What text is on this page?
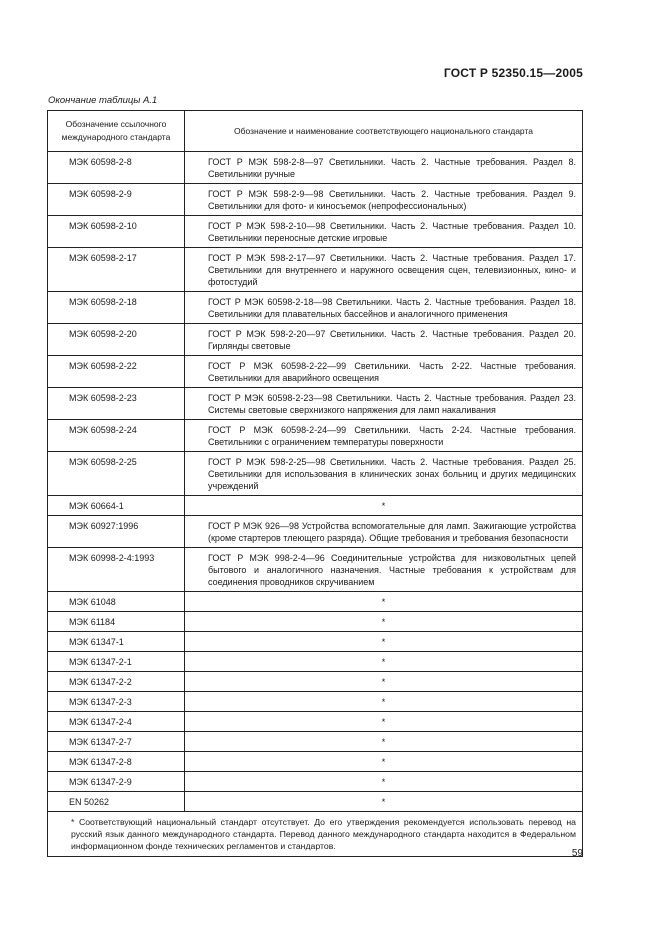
ГОСТ Р 52350.15—2005
Окончание таблицы А.1
Обозначение ссылочного международного стандарта	Обозначение и наименование соответствующего национального стандарта
МЭК 60598-2-8	ГОСТ Р МЭК 598-2-8—97 Светильники. Часть 2. Частные требования. Раздел 8. Светильники ручные

МЭК 60598-2-9	ГОСТ Р МЭК 598-2-9—98 Светильники. Часть 2. Частные требования. Раздел 9. Светильники для фото- и киносъемок (непрофессиональных)

МЭК 60598-2-10	ГОСТ Р МЭК 598-2-10—98 Светильники. Часть 2. Частные требования. Раздел 10. Светильники переносные детские игровые

МЭК 60598-2-17	ГОСТ Р МЭК 598-2-17—97 Светильники. Часть 2. Частные требования. Раздел 17. Светильники для внутреннего и наружного освещения сцен, телевизионных, кино- и фотостудий

МЭК 60598-2-18	ГОСТ Р МЭК 60598-2-18—98 Светильники. Часть 2. Частные требования. Раздел 18. Светильники для плавательных бассейнов и аналогичного применения

МЭК 60598-2-20	ГОСТ Р МЭК 598-2-20—97 Светильники. Часть 2. Частные требования. Раздел 20. Гирлянды световые

МЭК 60598-2-22	ГОСТ Р МЭК 60598-2-22—99 Светильники. Часть 2-22. Частные требования. Светильники для аварийного освещения

МЭК 60598-2-23	ГОСТ Р МЭК 60598-2-23—98 Светильники. Часть 2. Частные требования. Раздел 23. Системы световые сверхнизкого напряжения для ламп накаливания

МЭК 60598-2-24	ГОСТ Р МЭК 60598-2-24—99 Светильники. Часть 2-24. Частные требования. Светильники с ограничением температуры поверхности

МЭК 60598-2-25	ГОСТ Р МЭК 598-2-25—98 Светильники. Часть 2. Частные требования. Раздел 25. Светильники для использования в клинических зонах больниц и других медицинских учреждений

МЭК 60664-1	*
МЭК 60927:1996	ГОСТ Р МЭК 926—98 Устройства вспомогательные для ламп. Зажигающие устройства (кроме стартеров тлеющего разряда). Общие требования и требования безопасности

МЭК 60998-2-4:1993	ГОСТ Р МЭК 998-2-4—96 Соединительные устройства для низковольтных цепей бытового и аналогичного назначения. Частные требования к устройствам для соединения проводников скручиванием

МЭК 61048	*
МЭК 61184	*
МЭК 61347-1	*
МЭК 61347-2-1	*
МЭК 61347-2-2	*
МЭК 61347-2-3	*
МЭК 61347-2-4	*
МЭК 61347-2-7	*
МЭК 61347-2-8	*
МЭК 61347-2-9	*
EN 50262	*

* Соответствующий национальный стандарт отсутствует. До его утверждения рекомендуется использовать перевод на русский язык данного международного стандарта. Перевод данного международного стандарта находится в Федеральном информационном фонде технических регламентов и стандартов.	
59
